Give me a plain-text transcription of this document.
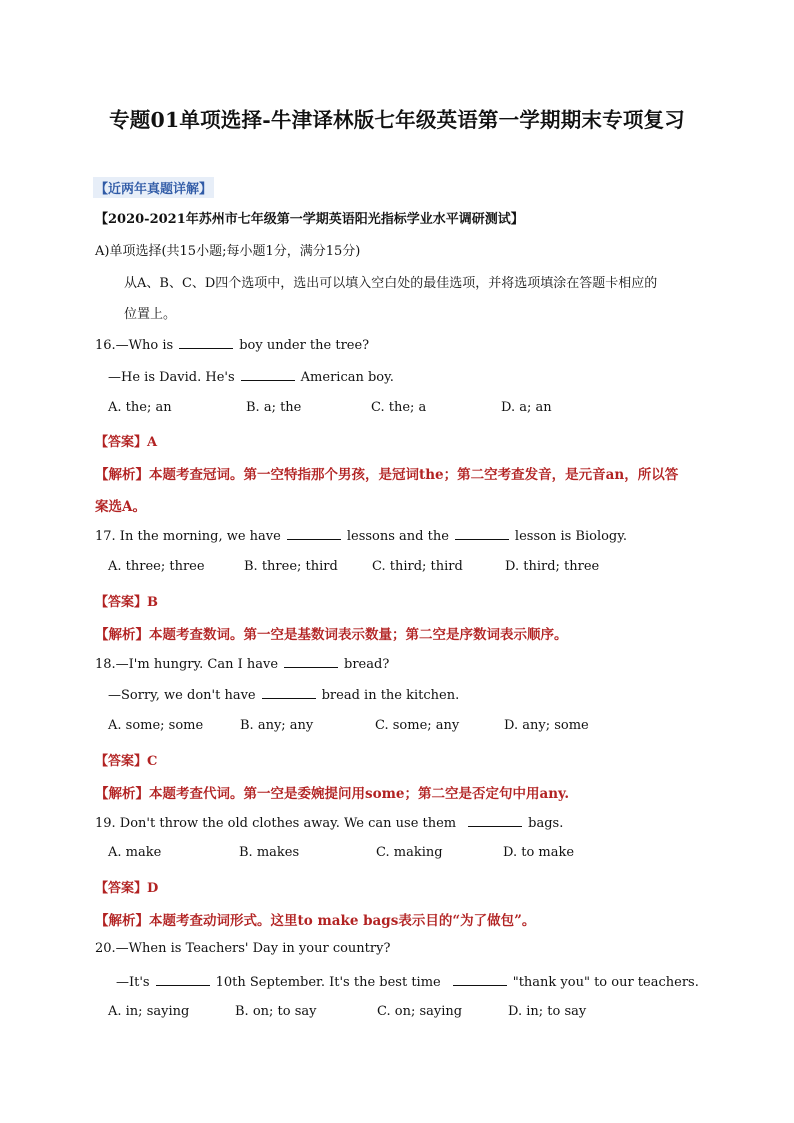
专题01单项选择-牛津译林版七年级英语第一学期期末专项复习
【近两年真题详解】
【2020-2021年苏州市七年级第一学期英语阳光指标学业水平调研测试】
A)单项选择(共15小题;每小题1分，满分15分)
从A、B、C、D四个选项中，选出可以填入空白处的最佳选项，并将选项填涂在答题卡相应的
位置上。
16.—Who is	boy under the tree?
—He is David. He's	American boy.
A. the; an	B. a; the	C. the; a	D. a; an
【答案】A
【解析】本题考查冠词。第一空特指那个男孩，是冠词the；第二空考查发音，是元音an，所以答
案选A。
17. In the morning, we have	lessons and the	lesson is Biology.
A. three; three	B. three; third	C. third; third	D. third; three
【答案】B
【解析】本题考查数词。第一空是基数词表示数量；第二空是序数词表示顺序。
18.—I'm hungry. Can I have	bread?
—Sorry, we don't have	bread in the kitchen.
A. some; some	B. any; any	C. some; any	D. any; some
【答案】C
【解析】本题考查代词。第一空是委婉提问用some；第二空是否定句中用any.
19. Don't throw the old clothes away. We can use them	bags.
A. make	B. makes	C. making	D. to make
【答案】D
【解析】本题考查动词形式。这里to make bags表示目的“为了做包”。
20.—When is Teachers' Day in your country?
—It's	10th September. It's the best time	"thank you" to our teachers.
A. in; saying	B. on; to say	C. on; saying	D. in; to say
